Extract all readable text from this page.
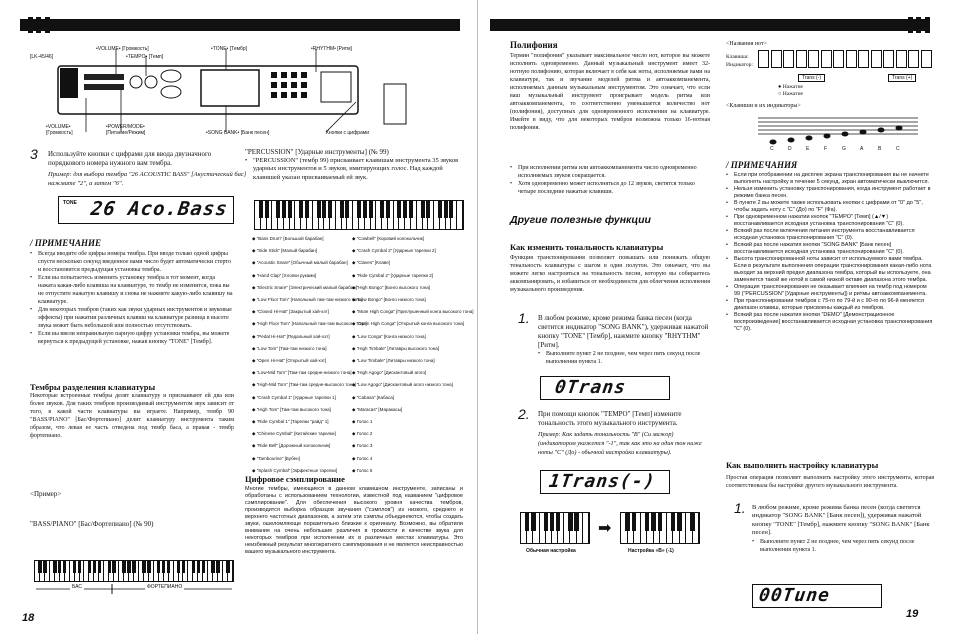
[LK-45/46]
•VOLUME• [Громкость]
•TEMPO• [Темп]
•TONE• [Тембр]	•RHYTHM• [Ритм]
•VOLUME• [Громкость]
•POWER/MODE• [Питание/Режим]	•SONG BANK• [Банк песен]	Кнопки с цифрами
3 Используйте кнопки с цифрами для ввода двузначного порядкового номера нужного вам тембра.

Пример: для выбора тембра "26 ACOUSTIC BASS" [Акустический бас] нажмите "2", а затем "6".

TONE 26 Aco.Bass
/ ПРИМЕЧАНИЕ
• Всегда вводите обе цифры номера тембра. При вводе только одной цифры спустя несколько секунд введенное вами число будет автоматически стерто и восстановится предыдущая установка тембра.
• Если вы попытаетесь изменить установку тембра в тот момент, когда нажата какая-либо клавиша на клавиатуре, то тембр не изменится, пока вы не отпустите нажатую клавишу и снова не нажмете какую-либо клавишу на клавиатуре.
• Для некоторых тембров (таких как звуки ударных инструментов и звуковые эффекты) при нажатии различных клавиш на клавиатуре разница в высоте звука может быть небольшой или полностью отсутствовать.
• Если вы ввели неправильную парную цифру установки тембра, вы можете вернуться к предыдущей установке, нажав кнопку "TONE" [Тембр].
Тембры разделения клавиатуры

Некоторые встроенные тембры делят клавиатуру и присваивают ей два или более звуков. Для таких тембров производимый инструментом звук зависит от того, в какой части клавиатуры вы играете. Например, тембр 90 "BASS/PIANO" [Бас/Фортепиано] делит клавиатуру инструмента таким образом, что левая ее часть отведена под тембр баса, а правая - тембр фортепиано.

<Пример>
"BASS/PIANO" [Бас/Фортепиано] (№ 90)
БАС	ФОРТЕПИАНО

"PERCUSSION" [Ударные инструменты] (№ 99)

• "PERCUSSION" (тембр 99) присваивает клавишам инструмента 35 звуков ударных инструментов и 5 звуков, имитирующих голос. Над каждой клавишей указан присваиваемый ей звук.
◆ "Bass Drum" [Большой барабан]
◆ "Side Stick" [Малый барабан]
◆ "Acoustic Snare" [Обычный малый барабан]
◆ "Hand Clap" [Хлопки руками]
◆ "Electric Snare" [Электрический малый барабан]
◆ "Low Floor Tom" [Напольный там-там низкого тона]
◆ "Closed Hi-Hat" [Закрытый хай-хэт]
◆ "High Floor Tom" [Напольный там-там высокого тона]
◆ "Pedal Hi-Hat" [Педальный хай-хэт]
◆ "Low Tom" [Там-там низкого тона]
◆ "Open Hi-Hat" [Открытый хай-хэт]
◆ "Low-Mid Tom" [Там-там средне-низкого тона]
◆ "High-Mid Tom" [Там-там средне-высокого тона]
◆ "Crash Cymbal 1" [Ударные тарелки 1]
◆ "High Tom" [Там-там высокого тона]
◆ "Ride Cymbal 1" [Тарелки "райд" 1]
◆ "Chinese Cymbal" [Китайские тарелки]
◆ "Ride Bell" [Дорожный колокольчик]
◆ "Tambourine" [Бубен]
◆ "Splash Cymbal" [Эффектные тарелки]
◆ "Cowbell" [Коровий колокольчик]
◆ "Crash Cymbal 2" [Ударные тарелки 2]
◆ "Claves" [Клаве]
◆ "Ride Cymbal 2" [Ударные тарелки 2]
◆ "High Bongo" [Бонго высокого тона]
◆ "Low Bongo" [Бонго низкого тона]
◆ "Mute High Conga" [Приглушенный конга высокого тона]
◆ "Open High Conga" [Открытый конга высокого тона]
◆ "Low Conga" [Конга низкого тона]
◆ "High Timbale" [Литавры высокого тона]
◆ "Low Timbale" [Литавры низкого тона]
◆ "High Agogo" [Дискантовый агого]
◆ "Low Agogo" [Дискантовый агого низкого тона]
◆ "Cabasa" [Кабаса]
◆ "Maracas" [Маракасы]
◆ Голос 1
◆ Голос 2
◆ Голос 3
◆ Голос 4
◆ Голос 5
Цифровое сэмплирование

Многие тембры, имеющиеся в данном клавишном инструменте, записаны и обработаны с использованием технологии, известной под названием "цифровое сэмплирование". Для обеспечения высокого уровня качества тембров, производится выборка образцов звучания ("сэмплов") из низкого, среднего и верхнего частотных диапазонов, а затем эти сэмплы объединяются, чтобы создать звуки, ошеломляюще поразительно близкие к оригиналу. Возможно, вы обратили внимание на очень небольшие различия в громкости и качестве звука для некоторых тембров при исполнении их в различных местах клавиатуры. Это неизбежный результат многократного сэмплирования и не является неисправностью вашего музыкального инструмента.

18
Полифония

Термин "полифония" указывает максимальное число нот, которое вы можете исполнить одновременно. Данный музыкальный инструмент имеет 32-нотную полифонию, которая включает в себя как ноты, исполняемые вами на клавиатуре, так и звучание моделей ритма и автоаккомпанемента, исполняемых данным музыкальным инструментом. Это означает, что если ваш музыкальный инструмент проигрывает модель ритма или автоаккомпанемента, то соответственно уменьшается количество нот (полифония), доступных для одновременного исполнения на клавиатуре. Имейте в виду, что для некоторых тембров возможна только 16-нотная полифония.

• При исполнении ритма или автоаккомпанемента число одновременно исполняемых звуков сокращается.
• Хотя одновременно может исполняться до 12 звуков, светятся только четыре последние нажатые клавиши.
Другие полезные функции
Как изменить тональность клавиатуры

Функция транспонирования позволяет повышать или понижать общую тональность клавиатуры с шагом в один полутон. Это означает, что вы можете легко настроиться на тональность песни, которую вы собираетесь аккомпанировать, и избавиться от необходимости для облегчения исполнения музыкального произведения.

1. В любом режиме, кроме режима банка песен (когда светится индикатор "SONG BANK"), удерживая нажатой кнопку "TONE" [Тембр], нажмите кнопку "RHYTHM" [Ритм].

• Выполните пункт 2 не позднее, чем через пять секунд после выполнения пункта 1.
0Trans
2. При помощи кнопок "TEMPO" [Темп] измените тональность этого музыкального инструмента.

Пример: Как задать тональность "B" (Си мажор) (индикатором укажется "-1", так как это на один тон ниже ноты "C" (До) - обычной настройки клавиатуры).

1Trans(-)
➡
Обычная настройка	Настройка «В» (-1)
<Названия нот>
Клавиша:
Индикатор:
Trans (-)	Trans (+)
● Нажатие
○ Нажатие
<Клавиши и их индикаторы>
C	D	E	F	G	A	B	C
/ ПРИМЕЧАНИЯ
• Если при отображении на дисплее экрана транспонирования вы не начнете выполнять настройку в течение 5 секунд, экран автоматически выключится.
• Нельзя изменить установку транспонирования, когда инструмент работает в режиме банка песен.
• В пункте 2 вы можете также использовать кнопки с цифрами от "0" до "5", чтобы задать ноту с "C" (До) по "F" (Фа).
• При одновременном нажатии кнопок "TEMPO" [Темп] (▲/▼) восстанавливается исходная установка транспонирования "C" (0).
• Всякий раз после включения питания инструмента восстанавливается исходная установка транспонирования "C" (0).
• Всякий раз после нажатия кнопки "SONG BANK" [Банк песен] восстанавливается исходная установка транспонирования "C" (0).
• Высота транспонированной ноты зависит от используемого вами тембра. Если в результате выполнения операции транспонирования какая-либо нота выходит за верхний предел диапазона тембра, который вы используете, она заменяется такой же нотой в самой низкой октаве диапазона этого тембра.
• Операция транспонирования не оказывает влияния на тембр под номером 99 ("PERCUSSION" [Ударные инструменты]) и ритмы автоаккомпанемента.
• При транспонировании тембров с 75-го по 79-й и с 90-го по 96-й меняется диапазон клавиш, которые присвоены каждый из тембров.
• Всякий раз после нажатия кнопки "DEMO" [Демонстрационное воспроизведение] восстанавливается исходная установка транспонирования "C" (0).
Как выполнить настройку клавиатуры

Простая операция позволяет выполнить настройку этого инструмента, которая соответствовала бы настройке другого музыкального инструмента.

1. В любом режиме, кроме режима банка песен (когда светится индикатор "SONG BANK" [Банк песен]), удерживая нажатой кнопку "TONE" [Тембр], нажмите кнопку "SONG BANK" [Банк песен].

• Выполните пункт 2 не позднее, чем через пять секунд после выполнения пункта 1.
00Tune
19
